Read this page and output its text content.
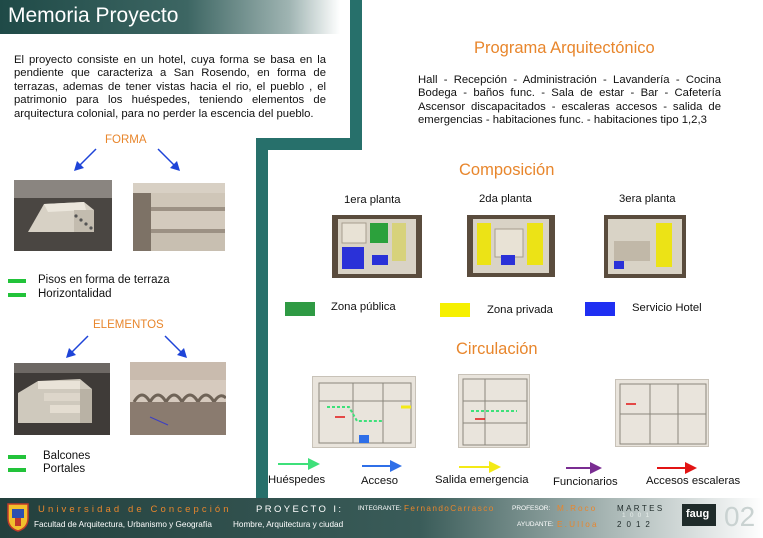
Memoria Proyecto

El proyecto consiste en un hotel, cuya forma se basa en la pendiente que caracteriza a San Rosendo, en forma de terrazas, ademas de tener vistas hacia el rio, el pueblo , el patrimonio para los huéspedes, teniendo elementos de arquitectura colonial, para no perder la escencia del pueblo.

FORMA
Pisos en forma de terraza
Horizontalidad
ELEMENTOS
Balcones
Portales
Programa Arquitectónico

Hall - Recepción - Administración - Lavandería - Cocina Bodega - baños func. - Sala de estar - Bar - Cafetería Ascensor discapacitados - escaleras accesos - salida de emergencias - habitaciones func. - habitaciones tipo 1,2,3

Composición
1era planta	2da planta	3era planta
Zona pública	Zona privada	Servicio Hotel
Circulación
Huéspedes	Acceso	Salida emergencia Funcionarios	Accesos escaleras
Universidad de Concepción
Facultad de Arquitectura, Urbanismo y Geografía
PROYECTO I:
Hombre, Arquitectura y ciudad
INTEGRANTE: FernandoCarrasco	PROFESOR: M.Roco
AYUDANTE: E.Ulloa
MARTES
1 0 0 1
2 0 1 2
faug 02
